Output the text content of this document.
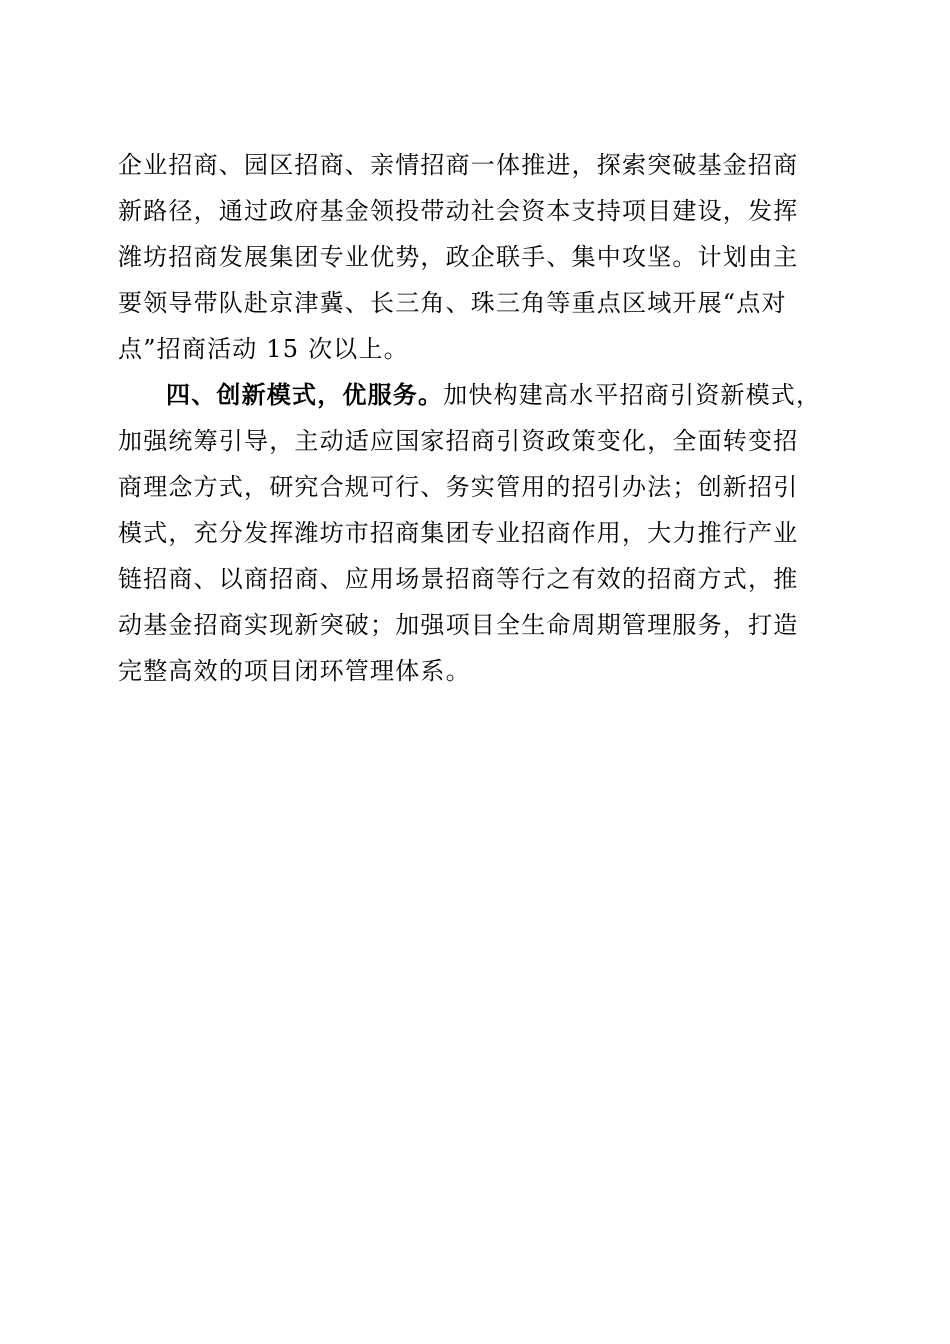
企业招商、园区招商、亲情招商一体推进，探索突破基金招商
新路径，通过政府基金领投带动社会资本支持项目建设，发挥
潍坊招商发展集团专业优势，政企联手、集中攻坚。计划由主
要领导带队赴京津冀、长三角、珠三角等重点区域开展“点对
点”招商活动 15 次以上。
四、创新模式，优服务。加快构建高水平招商引资新模式，
加强统筹引导，主动适应国家招商引资政策变化，全面转变招
商理念方式，研究合规可行、务实管用的招引办法；创新招引
模式，充分发挥潍坊市招商集团专业招商作用，大力推行产业
链招商、以商招商、应用场景招商等行之有效的招商方式，推
动基金招商实现新突破；加强项目全生命周期管理服务，打造
完整高效的项目闭环管理体系。
